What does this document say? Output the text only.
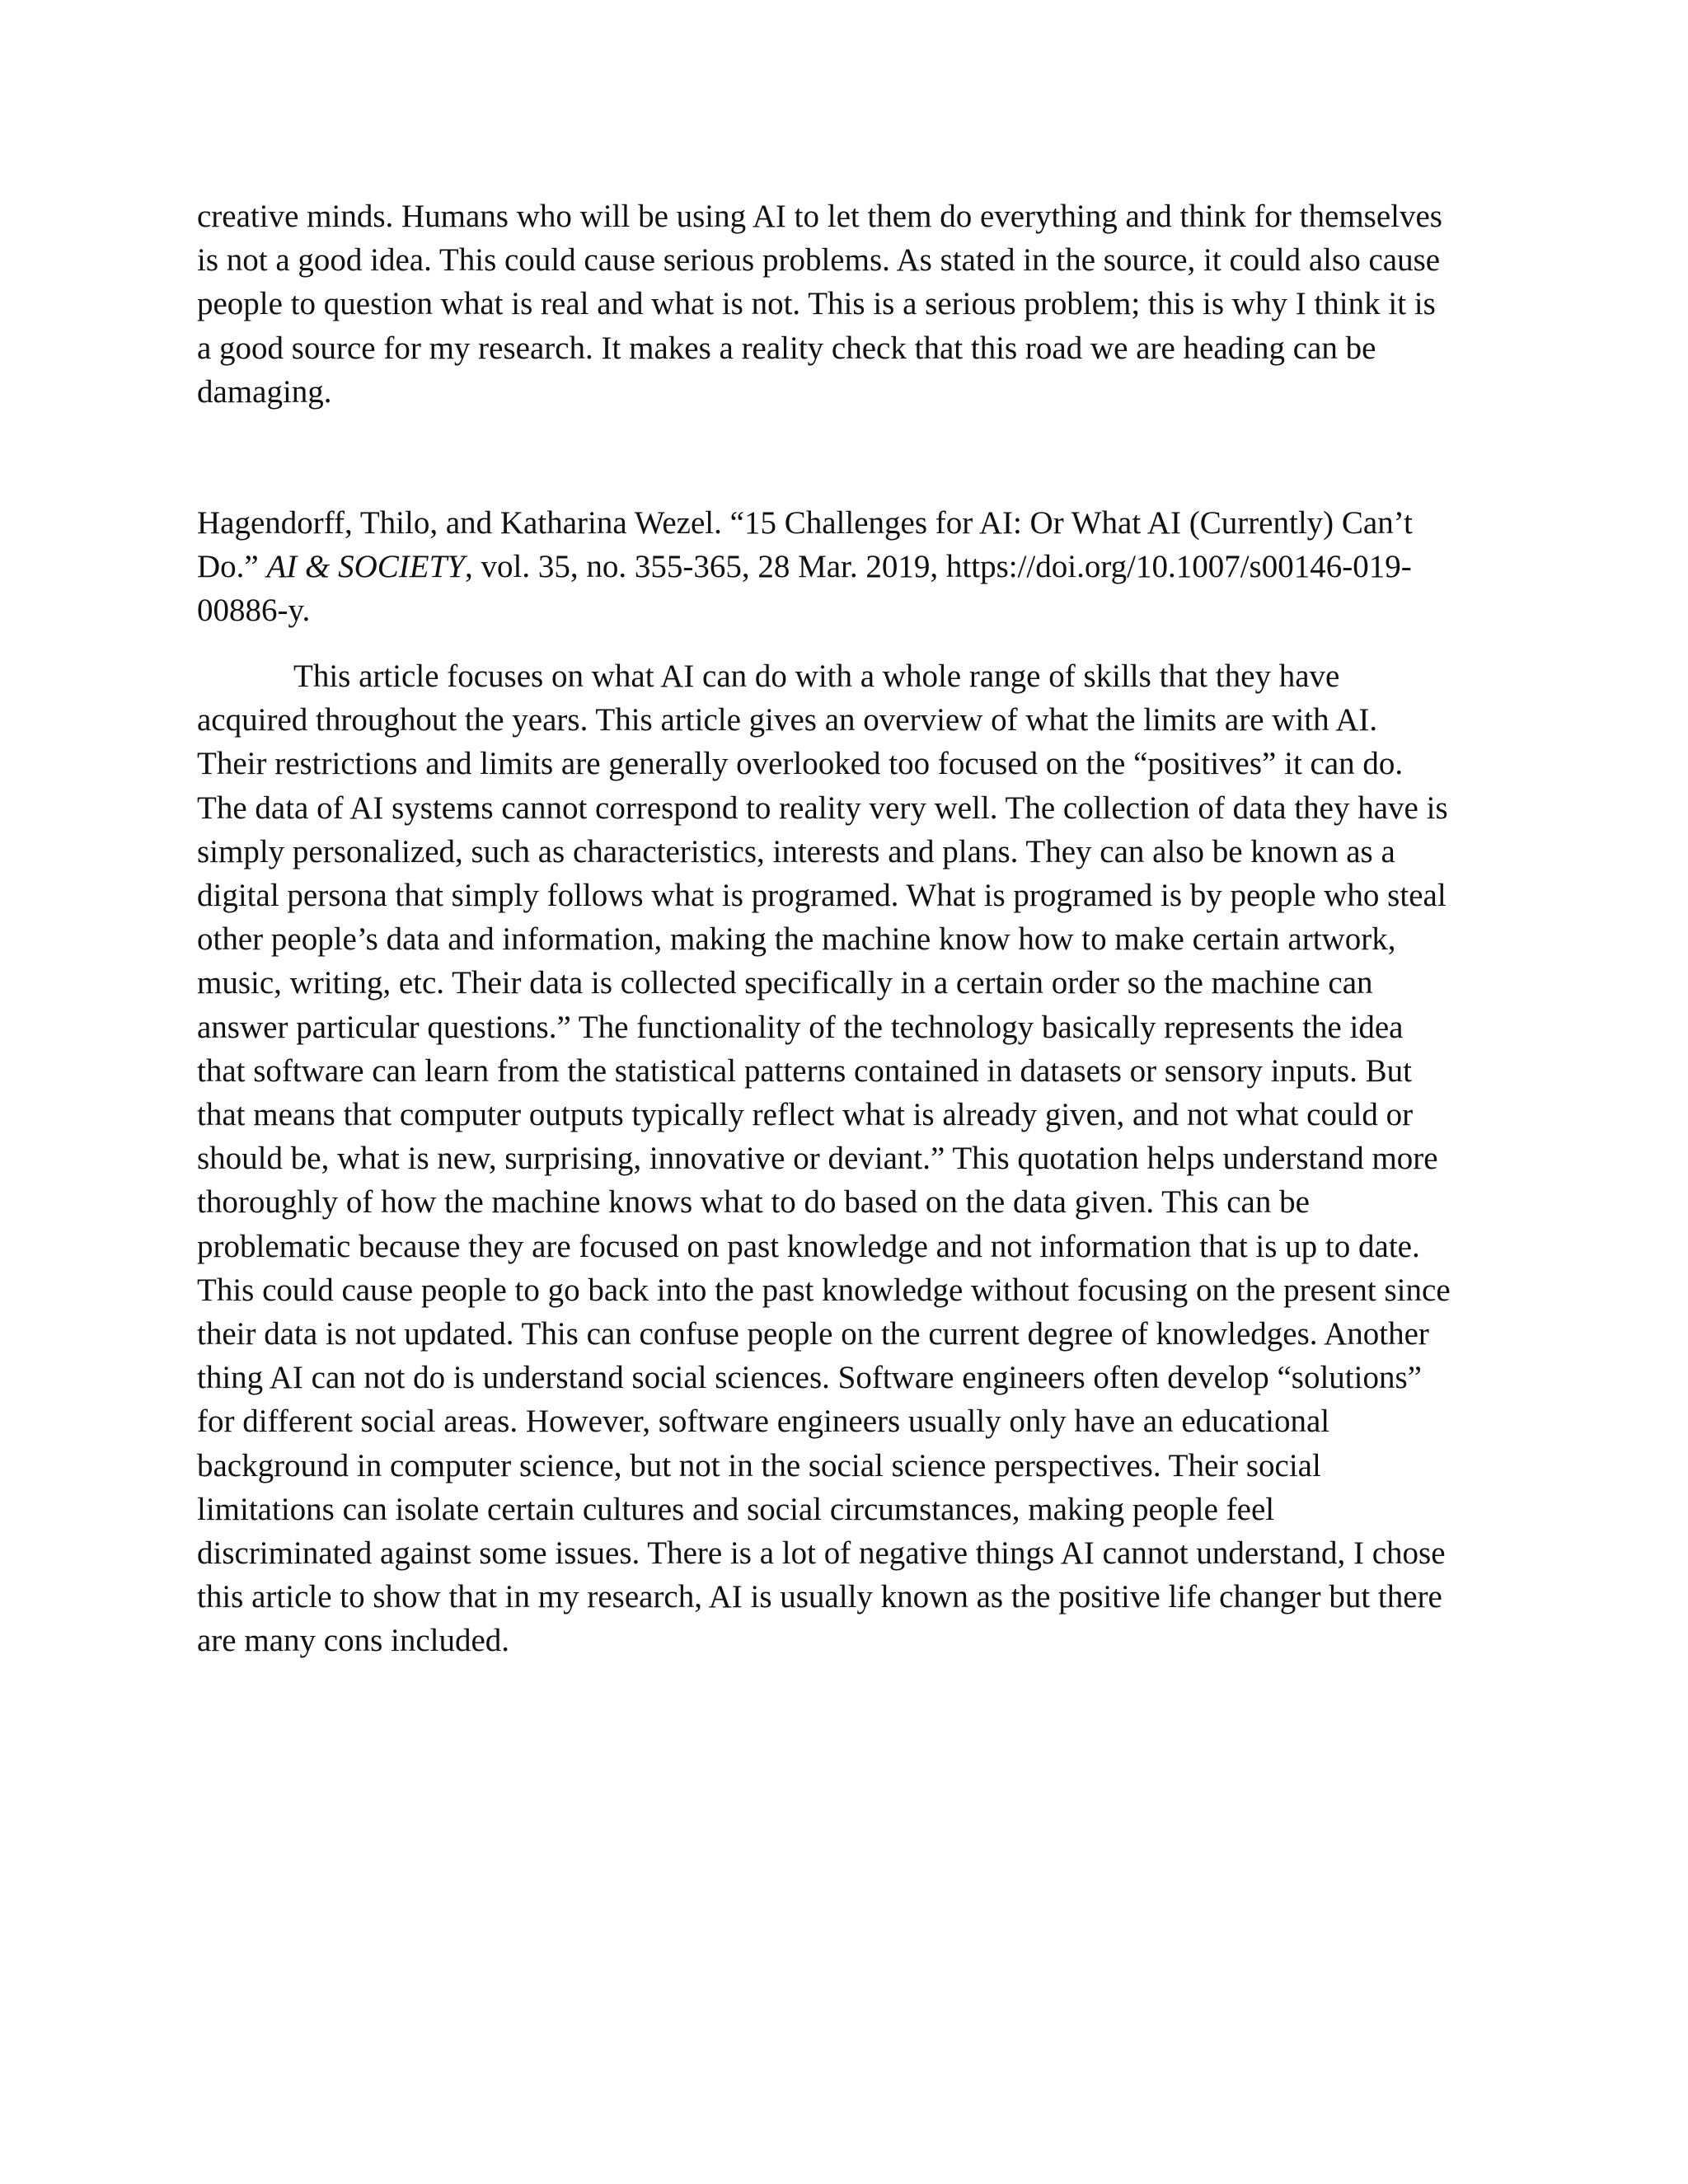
creative minds. Humans who will be using AI to let them do everything and think for themselves
is not a good idea. This could cause serious problems. As stated in the source, it could also cause
people to question what is real and what is not. This is a serious problem; this is why I think it is
a good source for my research. It makes a reality check that this road we are heading can be
damaging.

Hagendorff, Thilo, and Katharina Wezel. “15 Challenges for AI: Or What AI (Currently) Can’t
Do.” AI & SOCIETY, vol. 35, no. 355-365, 28 Mar. 2019, https://doi.org/10.1007/s00146-019-
00886-y.

This article focuses on what AI can do with a whole range of skills that they have
acquired throughout the years. This article gives an overview of what the limits are with AI.
Their restrictions and limits are generally overlooked too focused on the “positives” it can do.
The data of AI systems cannot correspond to reality very well. The collection of data they have is
simply personalized, such as characteristics, interests and plans. They can also be known as a
digital persona that simply follows what is programed. What is programed is by people who steal
other people’s data and information, making the machine know how to make certain artwork,
music, writing, etc. Their data is collected specifically in a certain order so the machine can
answer particular questions.” The functionality of the technology basically represents the idea
that software can learn from the statistical patterns contained in datasets or sensory inputs. But
that means that computer outputs typically reflect what is already given, and not what could or
should be, what is new, surprising, innovative or deviant.” This quotation helps understand more
thoroughly of how the machine knows what to do based on the data given. This can be
problematic because they are focused on past knowledge and not information that is up to date.
This could cause people to go back into the past knowledge without focusing on the present since
their data is not updated. This can confuse people on the current degree of knowledges. Another
thing AI can not do is understand social sciences. Software engineers often develop “solutions”
for different social areas. However, software engineers usually only have an educational
background in computer science, but not in the social science perspectives. Their social
limitations can isolate certain cultures and social circumstances, making people feel
discriminated against some issues. There is a lot of negative things AI cannot understand, I chose
this article to show that in my research, AI is usually known as the positive life changer but there
are many cons included.
